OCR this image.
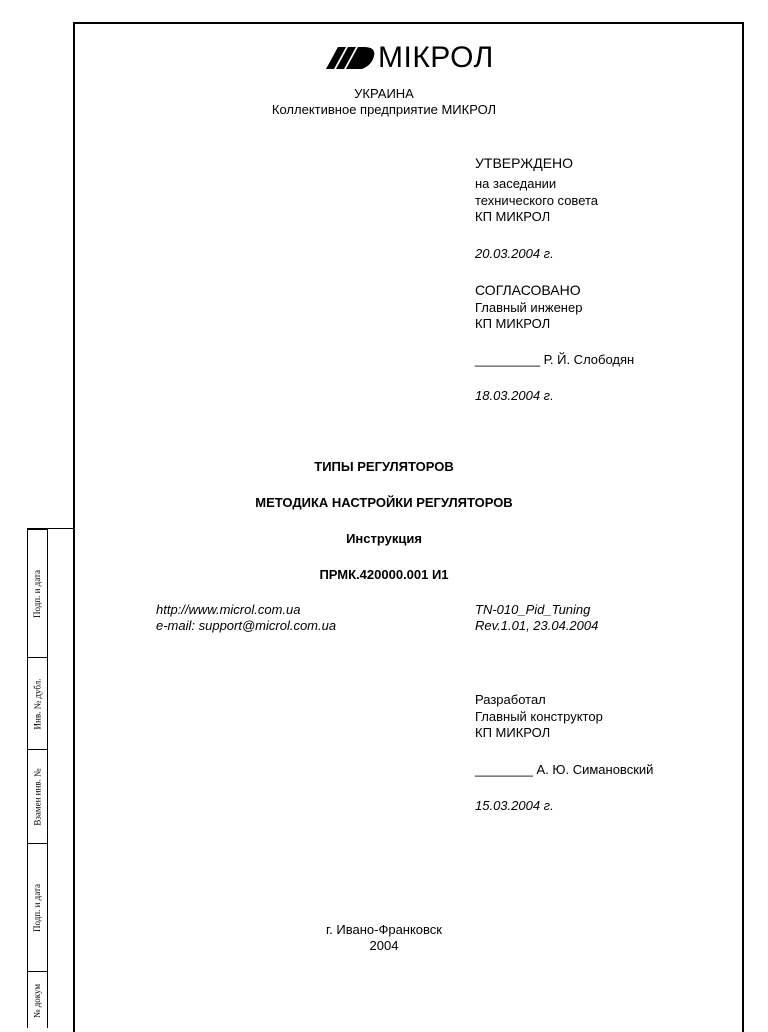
МІКРОЛ
УКРАИНА
Коллективное предприятие МИКРОЛ
УТВЕРЖДЕНО
на заседании
технического совета
КП МИКРОЛ
20.03.2004 г.
СОГЛАСОВАНО
Главный инженер
КП МИКРОЛ
_________ Р. Й. Слободян
18.03.2004 г.
ТИПЫ РЕГУЛЯТОРОВ
МЕТОДИКА НАСТРОЙКИ РЕГУЛЯТОРОВ
Инструкция
ПРМК.420000.001 И1
http://www.microl.com.ua
e-mail: support@microl.com.ua
TN-010_Pid_Tuning
Rev.1.01, 23.04.2004
Разработал
Главный конструктор
КП МИКРОЛ
________ А. Ю. Симановский
15.03.2004 г.
г. Ивано-Франковск
2004
Подп. и дата
Инв. № дубл.
Взамен инв. №
Подп. и дата
№ докум
